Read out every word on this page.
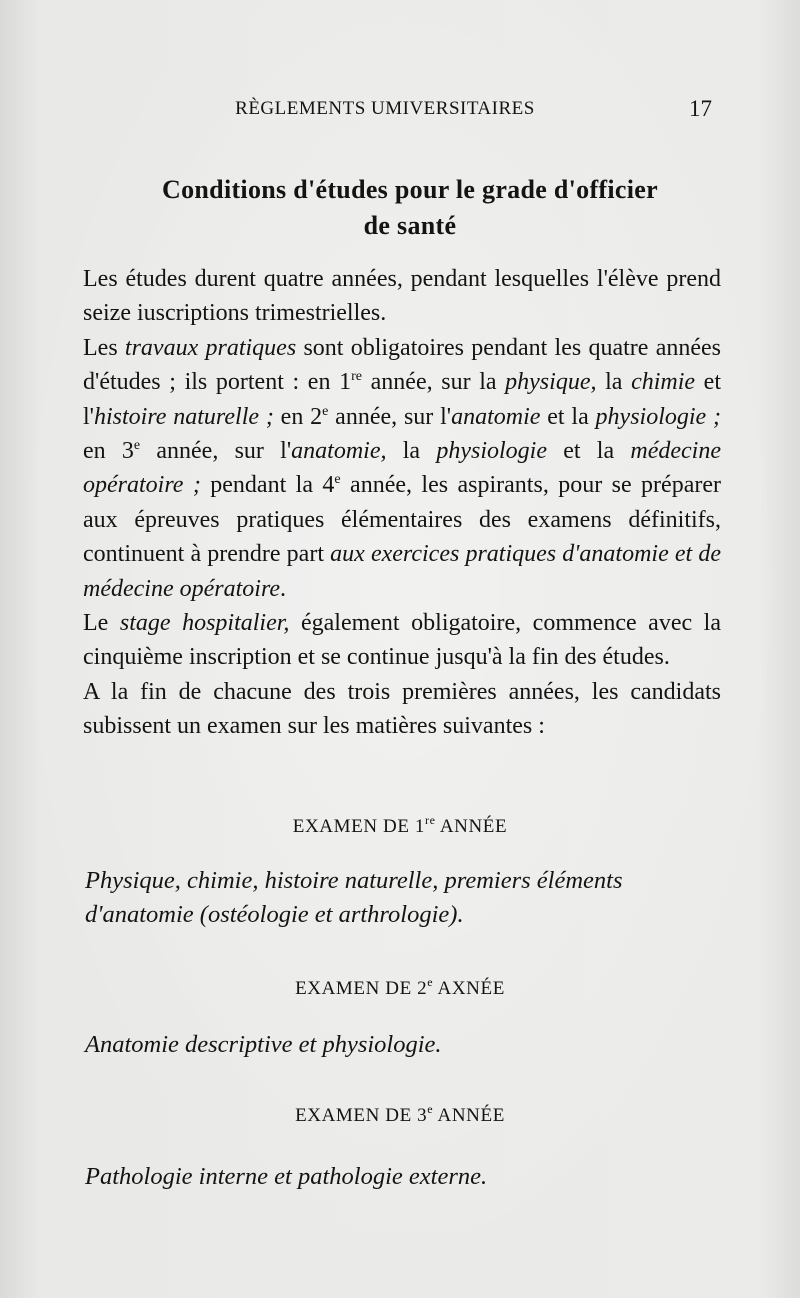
RÈGLEMENTS UMIVERSITAIRES	17
Conditions d'études pour le grade d'officier
de santé

Les études durent quatre années, pendant lesquelles l'élève prend seize iuscriptions trimestrielles.

Les travaux pratiques sont obligatoires pendant les quatre années d'études ; ils portent : en 1re année, sur la physique, la chimie et l'histoire naturelle ; en 2e année, sur l'anatomie et la physiologie ; en 3e année, sur l'anatomie, la physiologie et la médecine opératoire ; pendant la 4e année, les aspirants, pour se préparer aux épreuves pratiques élémentaires des examens définitifs, continuent à prendre part aux exercices pratiques d'anatomie et de médecine opératoire.

Le stage hospitalier, également obligatoire, commence avec la cinquième inscription et se continue jusqu'à la fin des études.

A la fin de chacune des trois premières années, les candidats subissent un examen sur les matières suivantes :

EXAMEN DE 1re ANNÉE
Physique, chimie, histoire naturelle, premiers éléments d'anatomie (ostéologie et arthrologie).
EXAMEN DE 2e AXNÉE
Anatomie descriptive et physiologie.
EXAMEN DE 3e ANNÉE
Pathologie interne et pathologie externe.
